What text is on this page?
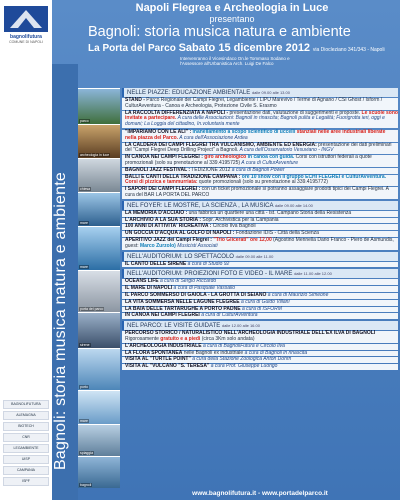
bagnolifutura
COMUNE DI NAPOLI
BAGNOLIFUTURA
ALEMAGNA
BIOTECH
CNR
LEGAMBIENTE
UISP
CAMPANIA
ISPF
Napoli Flegrea e Archeologia in Luce
presentano
Bagnoli: storia musica natura e ambiente
La Porta del Parco Sabato 15 dicembre 2012 via Diocleziano 341/343 - Napoli
Intervenranno il Vicesindaco On.le Tommaso Sodano e
l'Assessore all'Urbanistica Arch. Luigi De Falco
Bagnoli: storia musica natura e ambiente
parco
archeologia in luce
chiesa
mare
mare
porta del parco
sirene
porto
mare
spiaggia
bagnoli
NELLE PIAZZE: EDUCAZIONE AMBIENTALE dalle 09.00 alle 13.00
STAND - Parco Regionale dei Campi Flegrei, Legambiente / LIPU Marevivo / Terme di Agnano / CSI Ghost / Isform / CulturAvventura - Canoa e Archeologia, Protezione Civile S. Erasmo
LA RACCOLTA DIFFERENZIATA A NAPOLI - presentazione dati, valutazione di suggerimenti e proposte. Le scuole sono invitate a partecipare. A cura delle Associazioni: Bagnoli in rinascita; Bagnoli pulita e Legalità; Fuorigrotta ieri, oggi e domani; La Loggia del cittadino, In.voluntaria mente
"IMPARIAMO CON LE ALI" : inanellamento a scopo scientifico di uccelli stanziali nelle aree industriali liberate nella piazza del Parco. A cura dell'Associazione Ardea
LA CALDERA DEI CAMPI FLEGREI TRA VULCANISMO, AMBIENTE ED ENERGIA: presentazione dei dati preliminari del "Campi Flegrei Deep Drilling Project" a Bagnoli. A cura dell'Osservatorio Vesuviano - INGV
IN CANOA NEI CAMPI FLEGREI : giro archeologico in canoa con guida. Corsi con istruttori federali a quote promozionali (solo su prenotazione al 339.4195725) A cura di CulturAvventure
BAGNOLI JAZZ FESTIVAL : I EDIZIONE 2012 a cura di Bagnoli Power
BALLI E CANTI DELLA TRADIZIONE CAMPANA : ore 10 show con il gruppo ECHI FLEGREI e CulturAvventura. Corsi di pizzica e tammurriata: quote promozionali (solo su prenotazione al 339.4195772)
I SAPORI DEI CAMPI FLEGREI : con un ticket promozionale si potranno assaggiare prodotti tipici dei Campi Flegrei. A cura del BAR LA PORTA DEL PARCO
NEL FOYER: LE MOSTRE, LA SCIENZA , LA MUSICA dalle 09.00 alle 14.00
LA MEMORIA D'ACCIAIO : una fabbrica un quartiere una città - Ist. Campano Storia della Resistenza
L'ARCHIVIO A LA SUA STORIA : Sopr. Archivistica per la Campania
100 ANNI DI ATTIVITA' RICREATIVA : Circolo Ilva Bagnoli
UN GOCCIA D'ACQUA AL GOLFO DI NAPOLI : Fondazione IDIS - Città della Scienza
APERITIVO JAZZ dei Campi Flegrei : "Trio Glicerati" ore 12,00 (Agostino Mennella Dario Franco - Piero de Asmundis, guest: Marco Zurzolo) Musicisti Associati
NELL'AUDITORIUM: LO SPETTACOLO dalle 09.00 alle 11.00
IL CANTO DELLE SIRENE a cura di Studio 92
NELL'AUDITORIUM: PROIEZIONI FOTO E VIDEO - IL MARE dalle 11.00 alle 12.00
OCEANS LIFE a cura di Sergio Riccardo
IL MARE DI NAPOLI a cura di Pasquale Vassallo
IL PARCO SOMMERSO DI GAIOLA - LA GROTTA DI SEIANO a cura di Maurizio Simeone
LA VITA SOMMERSA NELLE LAGUNE FLEGREE a cura di Guido Villani
LA BAIA DELLE TARTARUGHE A PORTO PADNE a cura di ISFORM
IN CANOA NEI CAMPI FLEGREI a cura di CulturAvventura
NEL PARCO: LE VISITE GUIDATE dalle 12.00 alle 16.00
PERCORSO STORICO / NATURALISTICO NELL'ARCHEOLOGIA INDUSTRIALE DELL'EX ILVA DI BAGNOLI Rigorosamente gratuito e a piedi (circa 3Km solo andata)
L'ARCHEOLOGIA INDUSTRIALE a cura di BagnoliFutura e Circolo Ilva
LA FLORA SPONTANEA nelle Bagnoli ex industriale a cura di Bagnoli in rinascita
VISITA AL "TURTLE POINT" a cura della Stazione Zoologica Anton Dohrn
VISITA AL "VULCANO "S. TERESA" a cura Prof. Giuseppe Luongo
www.bagnolifutura.it - www.portadelparco.it
